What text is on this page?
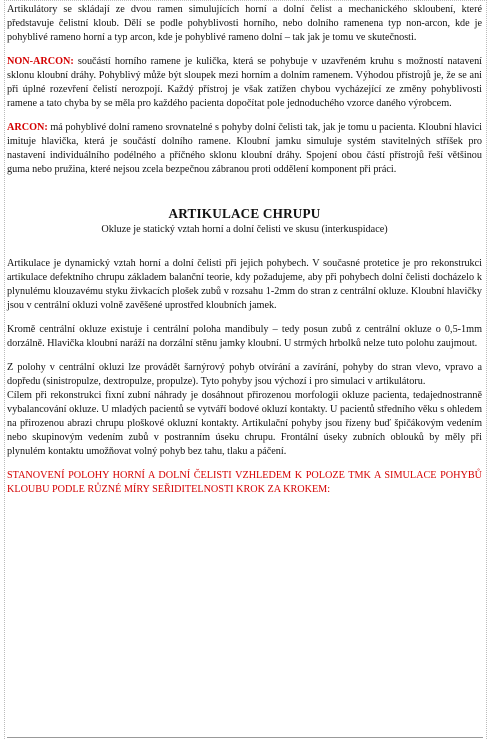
Artikulátory se skládají ze dvou ramen simulujících horní a dolní čelist a mechanického skloubení, které představuje čelistní kloub. Dělí se podle pohyblivosti horního, nebo dolního ramenena typ non-arcon, kde je pohyblivé rameno horní a typ arcon, kde je pohyblivé rameno dolní – tak jak je tomu ve skutečnosti.

NON-ARCON: součástí horního ramene je kulička, která se pohybuje v uzavřeném kruhu s možností natavení sklonu kloubní dráhy. Pohyblivý může být sloupek mezi horním a dolním ramenem. Výhodou přístrojů je, že se ani při úplné rozevření čelistí nerozpojí. Každý přístroj je však zatížen chybou vycházející ze změny pohyblivosti ramene a tato chyba by se měla pro každého pacienta dopočítat pole jednoduchého vzorce daného výrobcem.

ARCON: má pohyblivé dolní rameno srovnatelné s pohyby dolní čelisti tak, jak je tomu u pacienta. Kloubní hlavici imituje hlavička, která je součástí dolního ramene. Kloubní jamku simuluje systém stavitelných stříšek pro nastavení individuálního podélného a příčného sklonu kloubní dráhy. Spojení obou částí přístrojů řeší většinou guma nebo pružina, které nejsou zcela bezpečnou zábranou proti oddělení komponent při práci.

ARTIKULACE CHRUPU
Okluze je statický vztah horní a dolní čelisti ve skusu (interkuspidace)

Artikulace je dynamický vztah horní a dolní čelisti při jejich pohybech. V současné protetice je pro rekonstrukci artikulace defektního chrupu základem balanční teorie, kdy požadujeme, aby při pohybech dolní čelisti docházelo k plynulému klouzavému styku živkacích plošek zubů v rozsahu 1-2mm do stran z centrální okluze. Kloubní hlavičky jsou v centrální okluzi volně zavěšené uprostřed kloubních jamek.

Kromě centrální okluze existuje i centrální poloha mandibuly – tedy posun zubů z centrální okluze o 0,5-1mm dorzálně. Hlavička kloubní naráží na dorzální stěnu jamky kloubní. U strmých hrbolků nelze tuto polohu zaujmout.

Z polohy v centrální okluzi lze provádět šarnýrový pohyb otvírání a zavírání, pohyby do stran vlevo, vpravo a dopředu (sinistropulze, dextropulze, propulze). Tyto pohyby jsou výchozí i pro simulaci v artikulátoru.

Cílem při rekonstrukci fixní zubní náhrady je dosáhnout přirozenou morfologii okluze pacienta, tedajednostranně vybalancování okluze. U mladých pacientů se vytváří bodové okluzí kontakty. U pacientů středního věku s ohledem na přirozenou abrazi chrupu ploškové okluzní kontakty. Artikulační pohyby jsou řízeny buď špičákovým vedením nebo skupinovým vedením zubů v postranním úseku chrupu. Frontální úseky zubních oblouků by měly při plynulém kontaktu umožňovat volný pohyb bez tahu, tlaku a páčení.

STANOVENÍ POLOHY HORNÍ A DOLNÍ ČELISTI VZHLEDEM K POLOZE TMK A SIMULACE POHYBŮ KLOUBU PODLE RŮZNÉ MÍRY SEŘIDITELNOSTI KROK ZA KROKEM:
